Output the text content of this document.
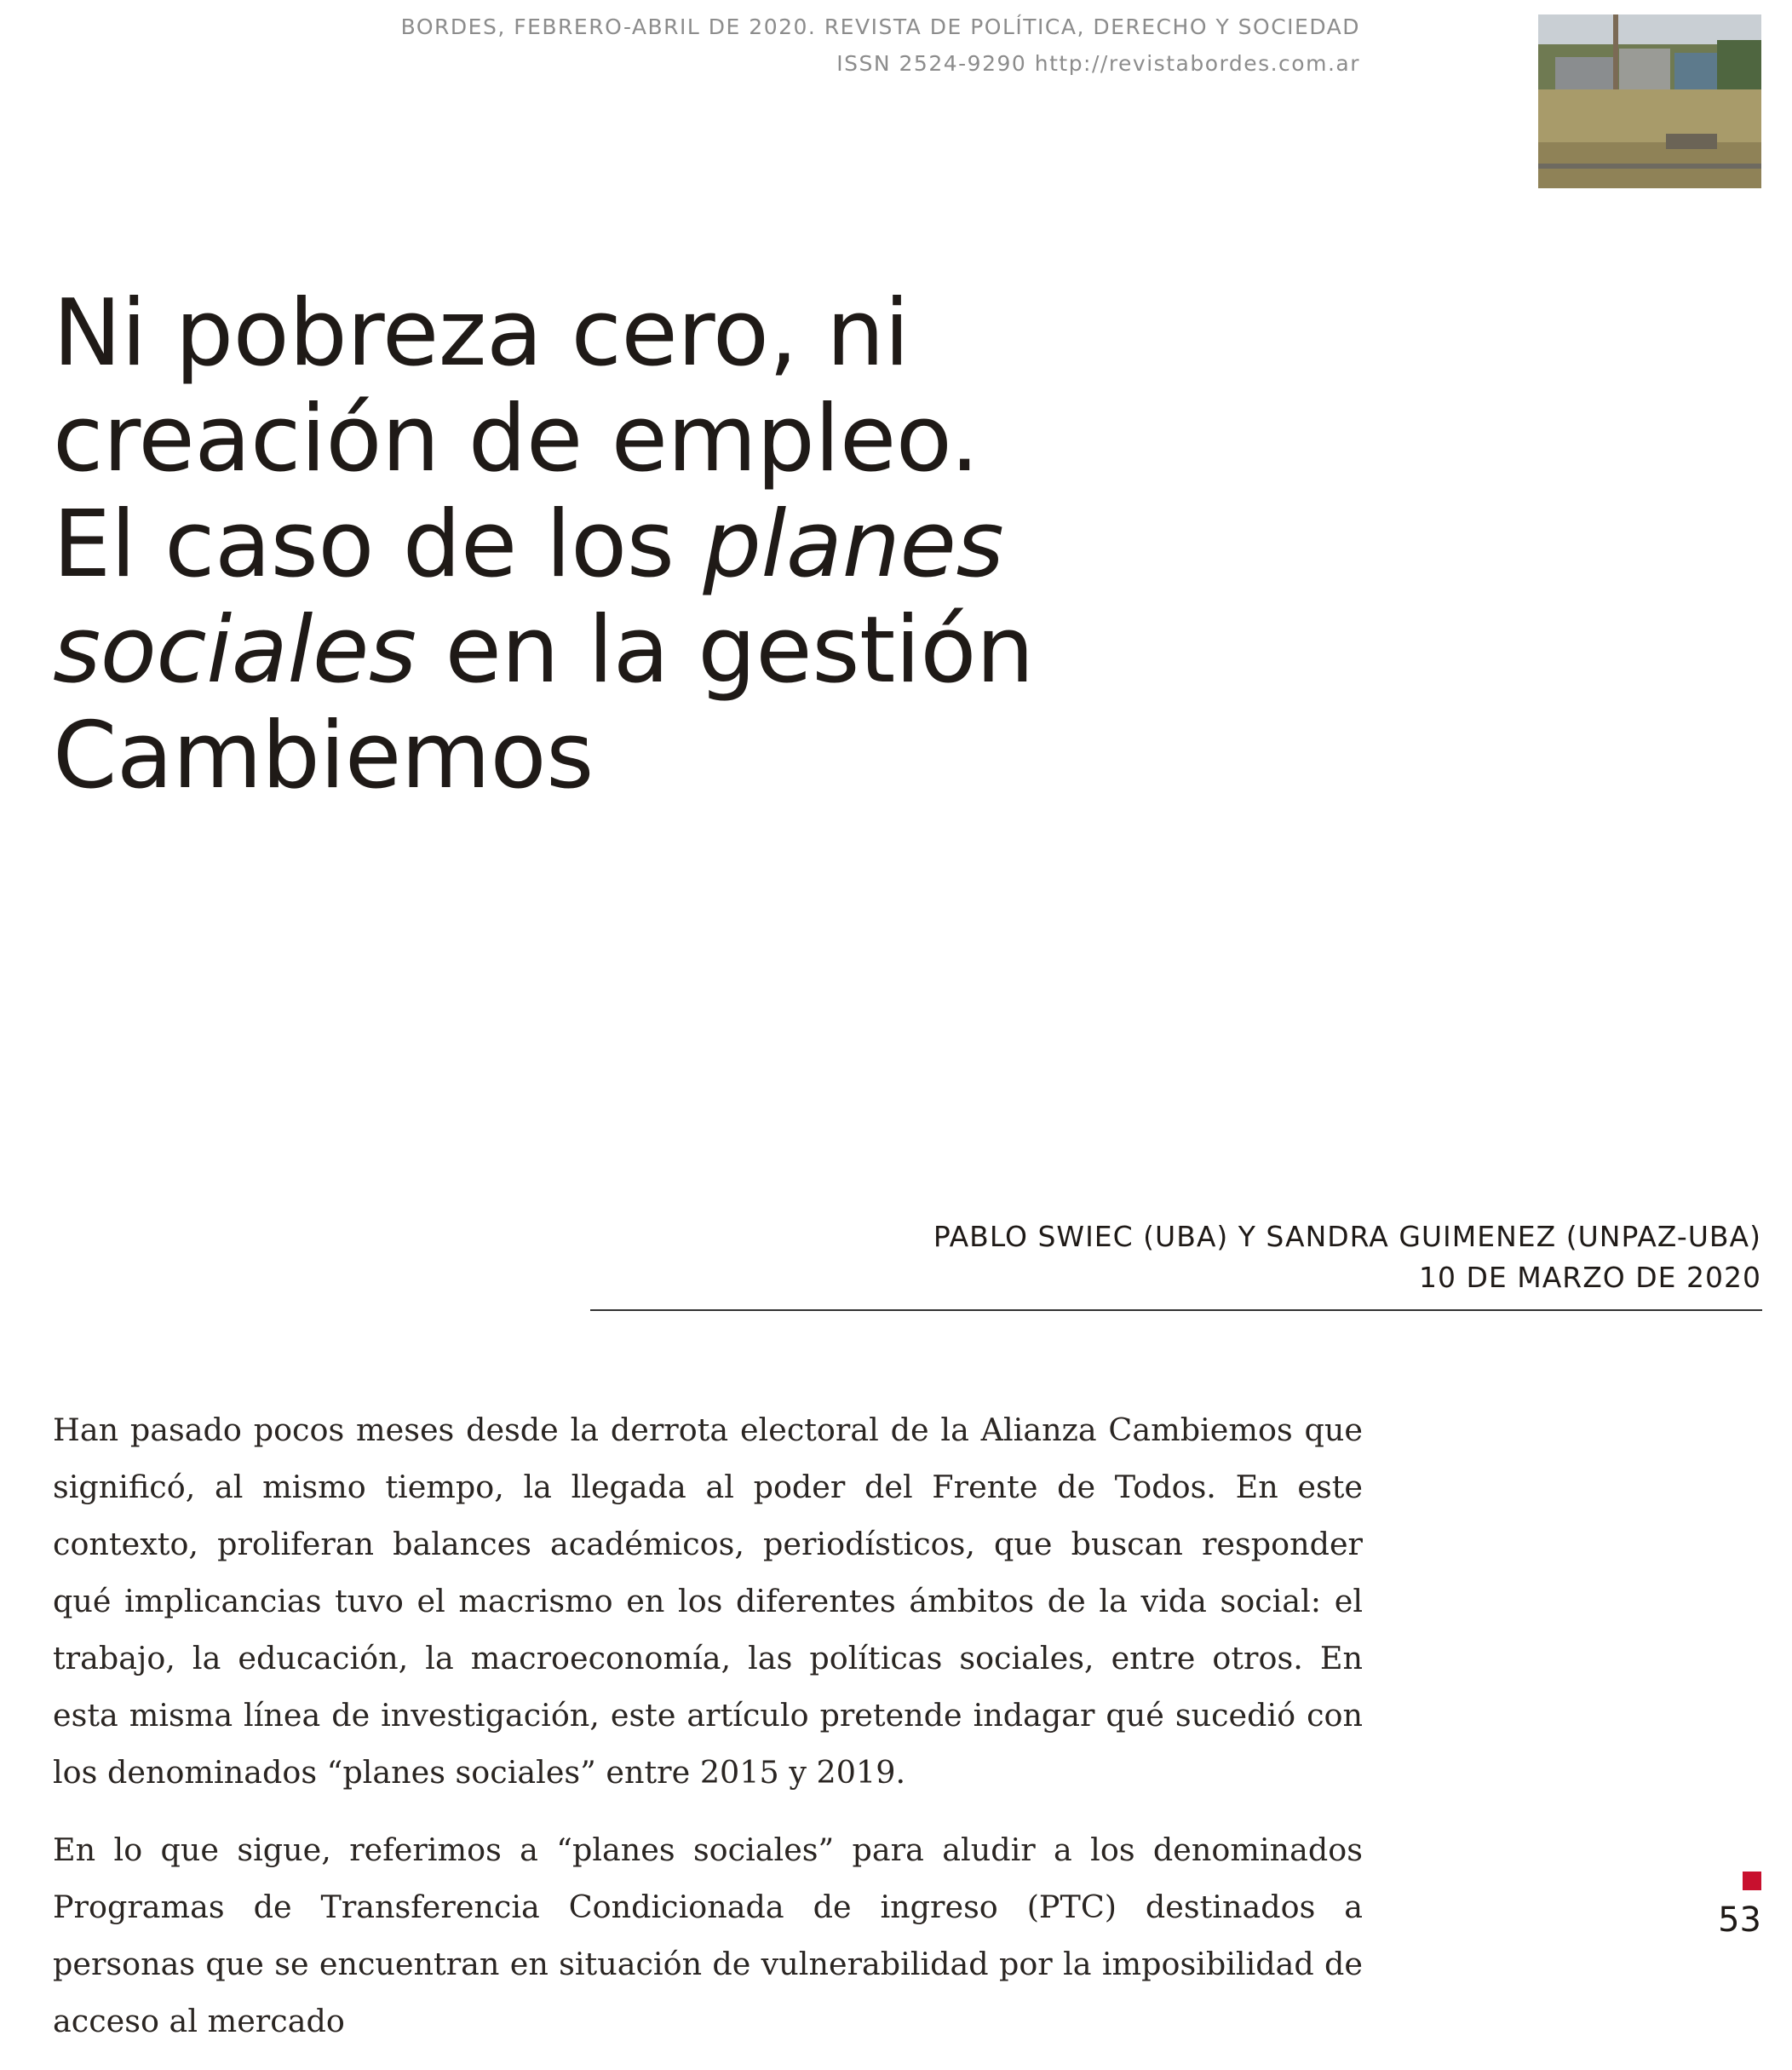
BORDES, FEBRERO-ABRIL DE 2020. REVISTA DE POLÍTICA, DERECHO Y SOCIEDAD
ISSN 2524-9290 http://revistabordes.com.ar
Ni pobreza cero, ni
creación de empleo.
El caso de los planes
sociales en la gestión
Cambiemos
PABLO SWIEC (UBA) Y SANDRA GUIMENEZ (UNPAZ-UBA)
10 DE MARZO DE 2020

Han pasado pocos meses desde la derrota electoral de la Alianza Cambiemos que significó, al mismo tiempo, la llegada al poder del Frente de Todos. En este contexto, proliferan balances académicos, periodísticos, que buscan responder qué implicancias tuvo el macrismo en los diferentes ámbitos de la vida social: el trabajo, la educación, la macroeconomía, las políticas sociales, entre otros. En esta misma línea de investigación, este artículo pretende indagar qué sucedió con los denominados “planes sociales” entre 2015 y 2019.

En lo que sigue, referimos a “planes sociales” para aludir a los denominados Programas de Transferencia Condicionada de ingreso (PTC) destinados a personas que se encuentran en situación de vulnerabilidad por la imposibilidad de acceso al mercado

53
